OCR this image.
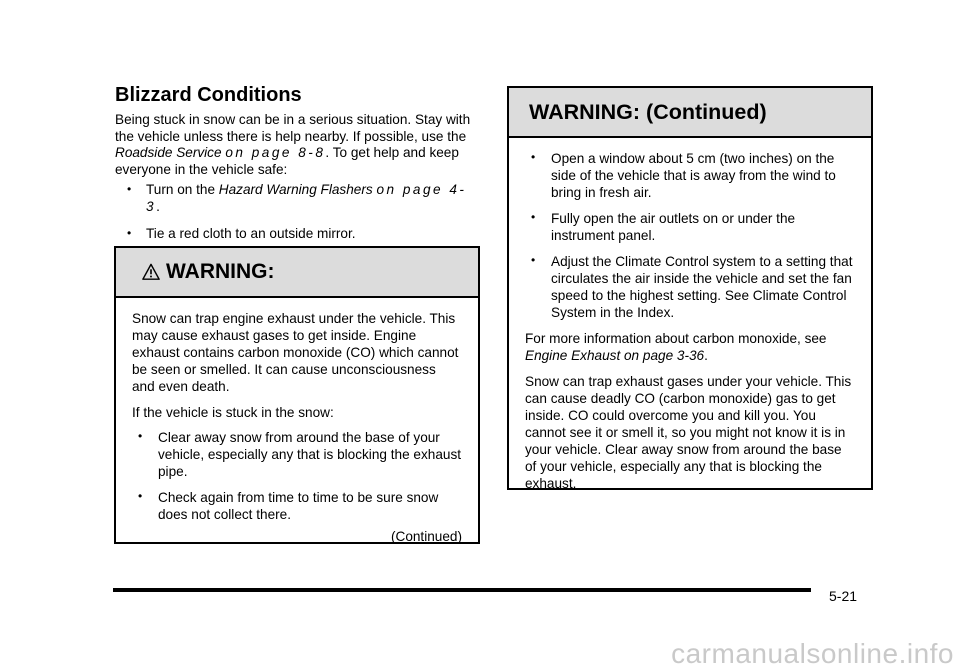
Blizzard Conditions

Being stuck in snow can be in a serious situation. Stay with the vehicle unless there is help nearby. If possible, use the Roadside Service on page 8-8. To get help and keep everyone in the vehicle safe:

• Turn on the Hazard Warning Flashers on page 4-3.
• Tie a red cloth to an outside mirror.
WARNING:

Snow can trap engine exhaust under the vehicle. This may cause exhaust gases to get inside. Engine exhaust contains carbon monoxide (CO) which cannot be seen or smelled. It can cause unconsciousness and even death.

If the vehicle is stuck in the snow:

• Clear away snow from around the base of your vehicle, especially any that is blocking the exhaust pipe.
• Check again from time to time to be sure snow does not collect there.
(Continued)
WARNING: (Continued)
• Open a window about 5 cm (two inches) on the side of the vehicle that is away from the wind to bring in fresh air.
• Fully open the air outlets on or under the instrument panel.
• Adjust the Climate Control system to a setting that circulates the air inside the vehicle and set the fan speed to the highest setting. See Climate Control System in the Index.

For more information about carbon monoxide, see Engine Exhaust on page 3-36.

Snow can trap exhaust gases under your vehicle. This can cause deadly CO (carbon monoxide) gas to get inside. CO could overcome you and kill you. You cannot see it or smell it, so you might not know it is in your vehicle. Clear away snow from around the base of your vehicle, especially any that is blocking the exhaust.

5-21
carmanualsonline.info
